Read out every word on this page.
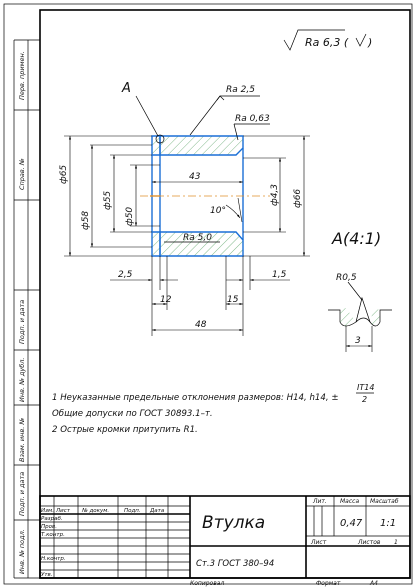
Перв. примен.
Справ. №
Подп. и дата
Инв. № дубл.
Взам. инв. №
Подп. и дата
Инв. № подл.
Ra 6,3 ( )
A	Ra 2,5
Ra 0,63
Ra 5,0
ф65
ф58
ф55
ф50
ф4,3 ф66
43
10°
2,5	1,5
12	15
48
A(4:1)
R0,5
3
1 Неуказанные предельные отклонения размеров: H14, h14, ±
IT14
2
Общие допуски по ГОСТ 30893.1–т.
2 Острые кромки притупить R1.
Изм. Лист № докум.	Подп. Дата
Разраб.
Пров.
Т.контр.
Н.контр.
Утв.
Втулка
Ст.3 ГОСТ 380–94
Лит. Масса Масштаб
0,47 1:1
Лист	Листов 1
Копировал	Формат	A4
